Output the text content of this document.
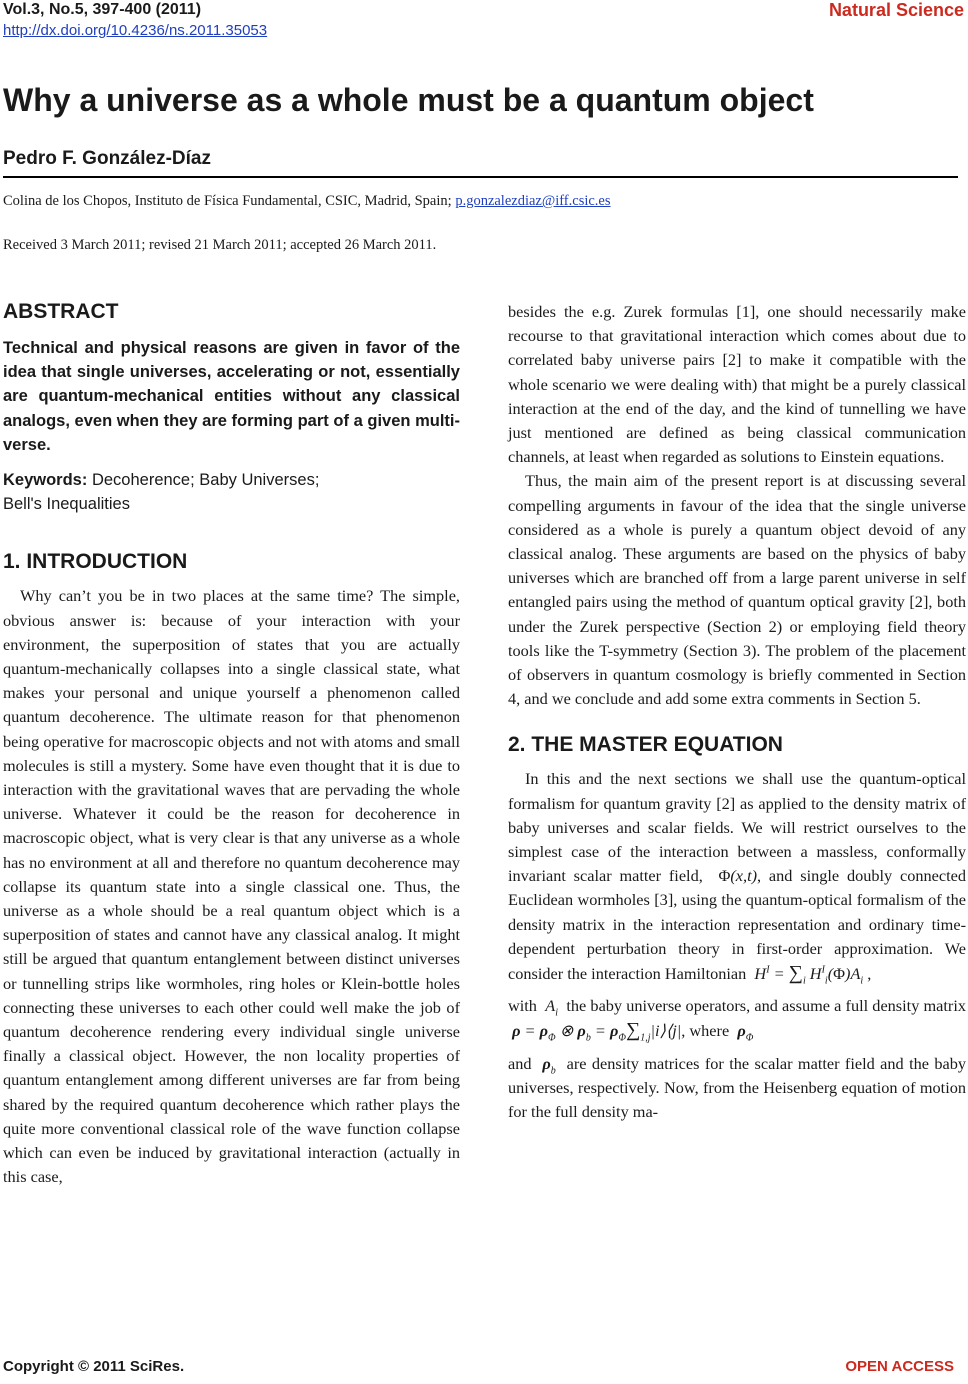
Vol.3, No.5, 397-400 (2011)
http://dx.doi.org/10.4236/ns.2011.35053
Natural Science
Why a universe as a whole must be a quantum object
Pedro F. González-Díaz
Colina de los Chopos, Instituto de Física Fundamental, CSIC, Madrid, Spain; p.gonzalezdiaz@iff.csic.es
Received 3 March 2011; revised 21 March 2011; accepted 26 March 2011.
ABSTRACT
Technical and physical reasons are given in favor of the idea that single universes, accelerating or not, essentially are quantum-mechanical entities without any classical analogs, even when they are forming part of a given multi-verse.
Keywords: Decoherence; Baby Universes;
Bell's Inequalities
1. INTRODUCTION

Why can’t you be in two places at the same time? The simple, obvious answer is: because of your interaction with your environment, the superposition of states that you are actually quantum-mechanically collapses into a single classical state, what makes your personal and unique yourself a phenomenon called quantum decoherence. The ultimate reason for that phenomenon being operative for macroscopic objects and not with atoms and small molecules is still a mystery. Some have even thought that it is due to interaction with the gravitational waves that are pervading the whole universe. Whatever it could be the reason for decoherence in macroscopic object, what is very clear is that any universe as a whole has no environment at all and therefore no quantum decoherence may collapse its quantum state into a single classical one. Thus, the universe as a whole should be a real quantum object which is a superposition of states and cannot have any classical analog. It might still be argued that quantum entanglement between distinct universes or tunnelling strips like wormholes, ring holes or Klein-bottle holes connecting these universes to each other could well make the job of quantum decoherence rendering every individual single universe finally a classical object. However, the non locality properties of quantum entanglement among different universes are far from being shared by the required quantum decoherence which rather plays the quite more conventional classical role of the wave function collapse which can even be induced by gravitational interaction (actually in this case,

besides the e.g. Zurek formulas [1], one should necessarily make recourse to that gravitational interaction which comes about due to correlated baby universe pairs [2] to make it compatible with the whole scenario we were dealing with) that might be a purely classical interaction at the end of the day, and the kind of tunnelling we have just mentioned are defined as being classical communication channels, at least when regarded as solutions to Einstein equations.

Thus, the main aim of the present report is at discussing several compelling arguments in favour of the idea that the single universe considered as a whole is purely a quantum object devoid of any classical analog. These arguments are based on the physics of baby universes which are branched off from a large parent universe in self entangled pairs using the method of quantum optical gravity [2], both under the Zurek perspective (Section 2) or employing field theory tools like the T-symmetry (Section 3). The problem of the placement of observers in quantum cosmology is briefly commented in Section 4, and we conclude and add some extra comments in Section 5.

2. THE MASTER EQUATION

In this and the next sections we shall use the quantum-optical formalism for quantum gravity [2] as applied to the density matrix of baby universes and scalar fields. We will restrict ourselves to the simplest case of the interaction between a massless, conformally invariant scalar matter field, Φ(x,t), and single doubly connected Euclidean wormholes [3], using the quantum-optical formalism of the density matrix in the interaction representation and ordinary time-dependent perturbation theory in first-order approximation. We consider the interaction Hamiltonian $H^I = \sum_i$ $H^I_i(\Phi)A_i$ ,

with $A_i$ the baby universe operators, and assume a full density matrix  $\rho = \rho_\Phi$ ⊗ $\rho_b$ = $\rho_\Phi\sum_{1,j}|i⟩⟨j|$, where $\rho_\Phi$

and $\rho_b$ are density matrices for the scalar matter field and the baby universes, respectively. Now, from the Heisenberg equation of motion for the full density ma-

Copyright © 2011 SciRes.	OPEN ACCESS
